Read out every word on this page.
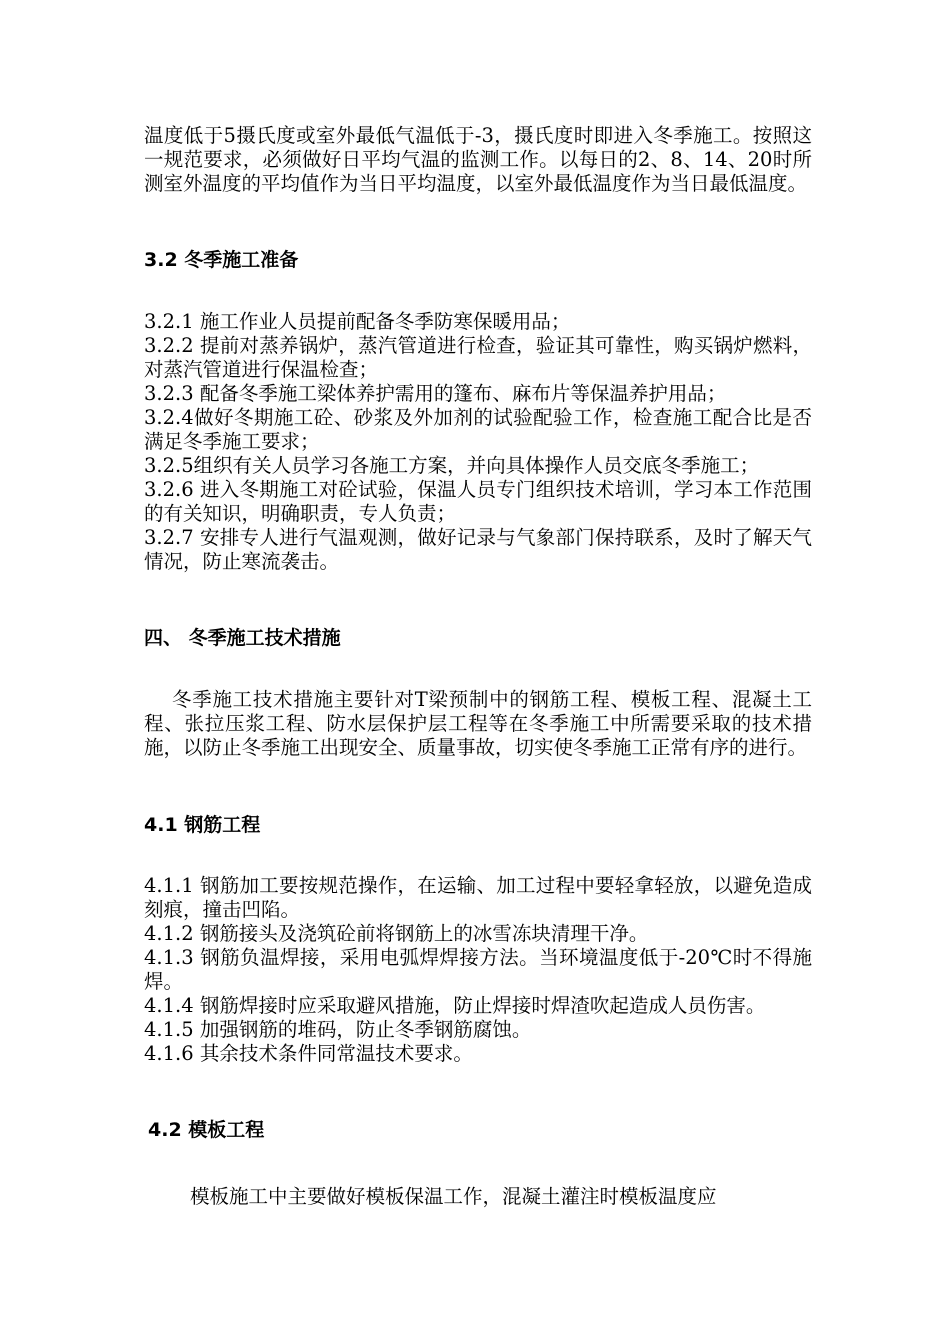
温度低于5摄氏度或室外最低气温低于-3，摄氏度时即进入冬季施工。按照这一规范要求，必须做好日平均气温的监测工作。以每日的2、8、14、20时所测室外温度的平均值作为当日平均温度，以室外最低温度作为当日最低温度。

3.2 冬季施工准备

3.2.1 施工作业人员提前配备冬季防寒保暖用品；

3.2.2 提前对蒸养锅炉，蒸汽管道进行检查，验证其可靠性，购买锅炉燃料，对蒸汽管道进行保温检查；

3.2.3 配备冬季施工梁体养护需用的篷布、麻布片等保温养护用品；

3.2.4做好冬期施工砼、砂浆及外加剂的试验配验工作，检查施工配合比是否满足冬季施工要求；

3.2.5组织有关人员学习各施工方案，并向具体操作人员交底冬季施工；

3.2.6 进入冬期施工对砼试验，保温人员专门组织技术培训，学习本工作范围的有关知识，明确职责，专人负责；

3.2.7 安排专人进行气温观测，做好记录与气象部门保持联系，及时了解天气情况，防止寒流袭击。

四、 冬季施工技术措施

冬季施工技术措施主要针对T梁预制中的钢筋工程、模板工程、混凝土工程、张拉压浆工程、防水层保护层工程等在冬季施工中所需要采取的技术措施，以防止冬季施工出现安全、质量事故，切实使冬季施工正常有序的进行。

4.1 钢筋工程

4.1.1 钢筋加工要按规范操作，在运输、加工过程中要轻拿轻放，以避免造成刻痕，撞击凹陷。

4.1.2 钢筋接头及浇筑砼前将钢筋上的冰雪冻块清理干净。

4.1.3 钢筋负温焊接，采用电弧焊焊接方法。当环境温度低于-20℃时不得施焊。

4.1.4 钢筋焊接时应采取避风措施，防止焊接时焊渣吹起造成人员伤害。

4.1.5 加强钢筋的堆码，防止冬季钢筋腐蚀。

4.1.6 其余技术条件同常温技术要求。

4.2 模板工程

模板施工中主要做好模板保温工作，混凝土灌注时模板温度应
